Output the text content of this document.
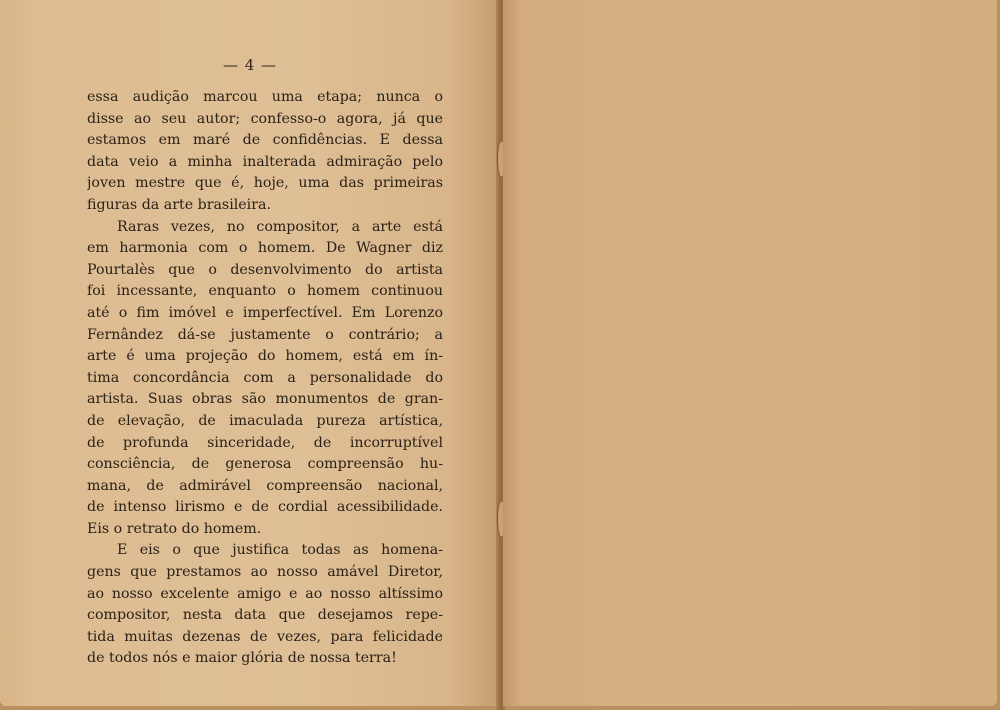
— 4 —
essa audição marcou uma etapa; nunca o
disse ao seu autor; confesso-o agora, já que
estamos em maré de confidências. E dessa
data veio a minha inalterada admiração pelo
joven mestre que é, hoje, uma das primeiras
figuras da arte brasileira.
Raras vezes, no compositor, a arte está
em harmonia com o homem. De Wagner diz
Pourtalès que o desenvolvimento do artista
foi incessante, enquanto o homem continuou
até o fim imóvel e imperfectível. Em Lorenzo
Fernândez dá-se justamente o contrário; a
arte é uma projeção do homem, está em ín-
tima concordância com a personalidade do
artista. Suas obras são monumentos de gran-
de elevação, de imaculada pureza artística,
de profunda sinceridade, de incorruptível
consciência, de generosa compreensão hu-
mana, de admirável compreensão nacional,
de intenso lirismo e de cordial acessibilidade.
Eis o retrato do homem.
E eis o que justifica todas as homena-
gens que prestamos ao nosso amável Diretor,
ao nosso excelente amigo e ao nosso altíssimo
compositor, nesta data que desejamos repe-
tida muitas dezenas de vezes, para felicidade
de todos nós e maior glória de nossa terra!
